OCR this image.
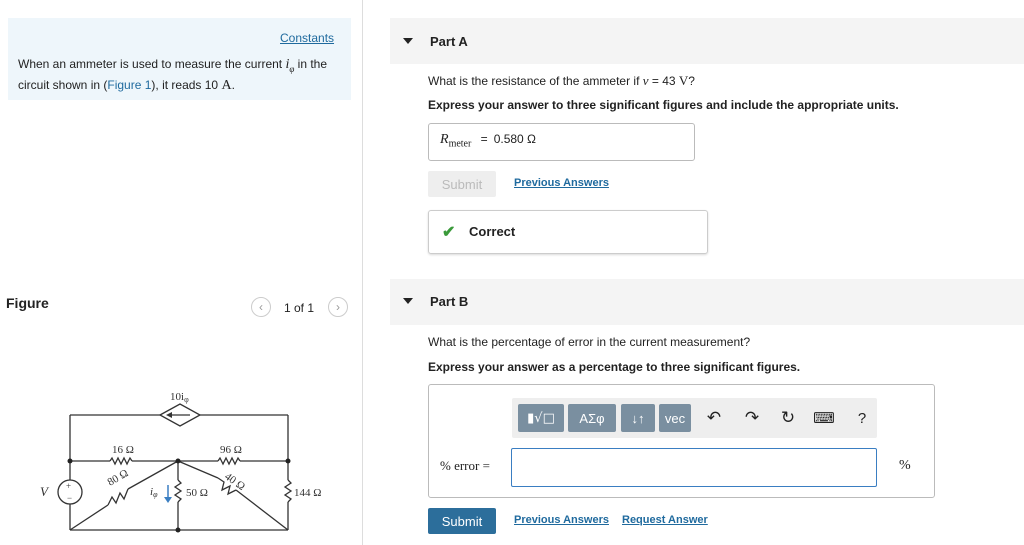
Constants
When an ammeter is used to measure the current $i_\varphi$ in the circuit shown in (Figure 1), it reads 10 A.
Figure	‹ 1 of 1 ›
10iφ
16 Ω	96 Ω
80 Ω	40 Ω
50 Ω	144 Ω
V	iφ
+
−
Part A
What is the resistance of the ammeter if v = 43 V?
Express your answer to three significant figures and include the appropriate units.
$R_{meter} = 0.580$ Ω
Submit	Previous Answers
✔ Correct
Part B
What is the percentage of error in the current measurement?
Express your answer as a percentage to three significant figures.
▮√□	ΑΣφ	↓↑	vec	↶ ↷ ↻	⌨	?
% error =	%
Submit	Previous Answers Request Answer
